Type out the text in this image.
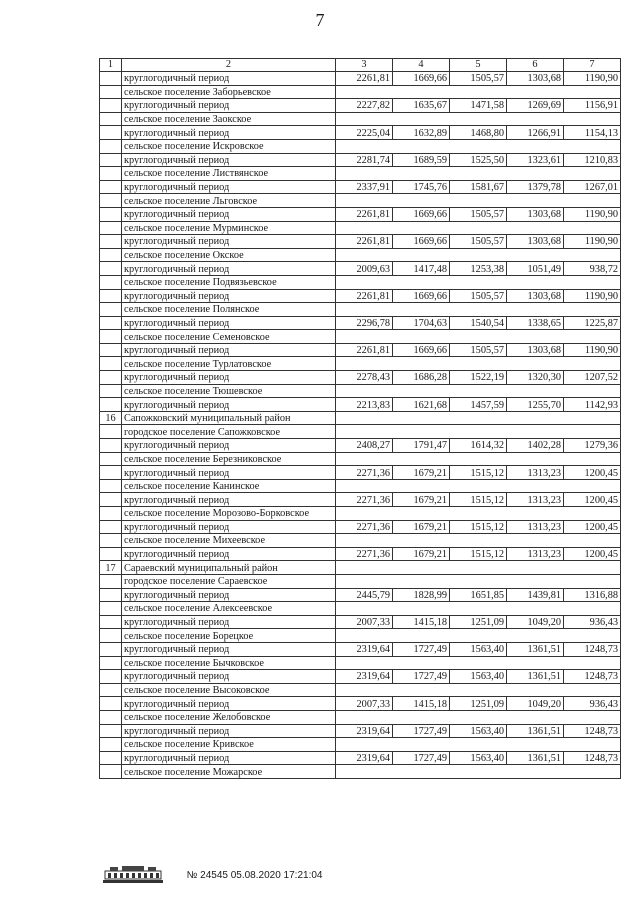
7
1	2	3	4	5	6	7
	круглогодичный период	2261,81	1669,66	1505,57	1303,68	1190,90
	сельское поселение Заборьевское					
	круглогодичный период	2227,82	1635,67	1471,58	1269,69	1156,91
	сельское поселение Заокское					
	круглогодичный период	2225,04	1632,89	1468,80	1266,91	1154,13
	сельское поселение Искровское					
	круглогодичный период	2281,74	1689,59	1525,50	1323,61	1210,83
	сельское поселение Листвянское					
	круглогодичный период	2337,91	1745,76	1581,67	1379,78	1267,01
	сельское поселение Льговское					
	круглогодичный период	2261,81	1669,66	1505,57	1303,68	1190,90
	сельское поселение Мурминское					
	круглогодичный период	2261,81	1669,66	1505,57	1303,68	1190,90
	сельское поселение Окское					
	круглогодичный период	2009,63	1417,48	1253,38	1051,49	938,72
	сельское поселение Подвязьевское					
	круглогодичный период	2261,81	1669,66	1505,57	1303,68	1190,90
	сельское поселение Полянское					
	круглогодичный период	2296,78	1704,63	1540,54	1338,65	1225,87
	сельское поселение Семеновское					
	круглогодичный период	2261,81	1669,66	1505,57	1303,68	1190,90
	сельское поселение Турлатовское					
	круглогодичный период	2278,43	1686,28	1522,19	1320,30	1207,52
	сельское поселение Тюшевское					
	круглогодичный период	2213,83	1621,68	1457,59	1255,70	1142,93
16	Сапожковский муниципальный район					
	городское поселение Сапожковское					
	круглогодичный период	2408,27	1791,47	1614,32	1402,28	1279,36
	сельское поселение Березниковское					
	круглогодичный период	2271,36	1679,21	1515,12	1313,23	1200,45
	сельское поселение Канинское					
	круглогодичный период	2271,36	1679,21	1515,12	1313,23	1200,45
	сельское поселение Морозово-Борковское					
	круглогодичный период	2271,36	1679,21	1515,12	1313,23	1200,45
	сельское поселение Михеевское					
	круглогодичный период	2271,36	1679,21	1515,12	1313,23	1200,45
17	Сараевский муниципальный район					
	городское поселение Сараевское					
	круглогодичный период	2445,79	1828,99	1651,85	1439,81	1316,88
	сельское поселение Алексеевское					
	круглогодичный период	2007,33	1415,18	1251,09	1049,20	936,43
	сельское поселение Борецкое					
	круглогодичный период	2319,64	1727,49	1563,40	1361,51	1248,73
	сельское поселение Бычковское					
	круглогодичный период	2319,64	1727,49	1563,40	1361,51	1248,73
	сельское поселение Высоковское					
	круглогодичный период	2007,33	1415,18	1251,09	1049,20	936,43
	сельское поселение Желобовское					
	круглогодичный период	2319,64	1727,49	1563,40	1361,51	1248,73
	сельское поселение Кривское					
	круглогодичный период	2319,64	1727,49	1563,40	1361,51	1248,73
	сельское поселение Можарское					
№ 24545 05.08.2020 17:21:04
